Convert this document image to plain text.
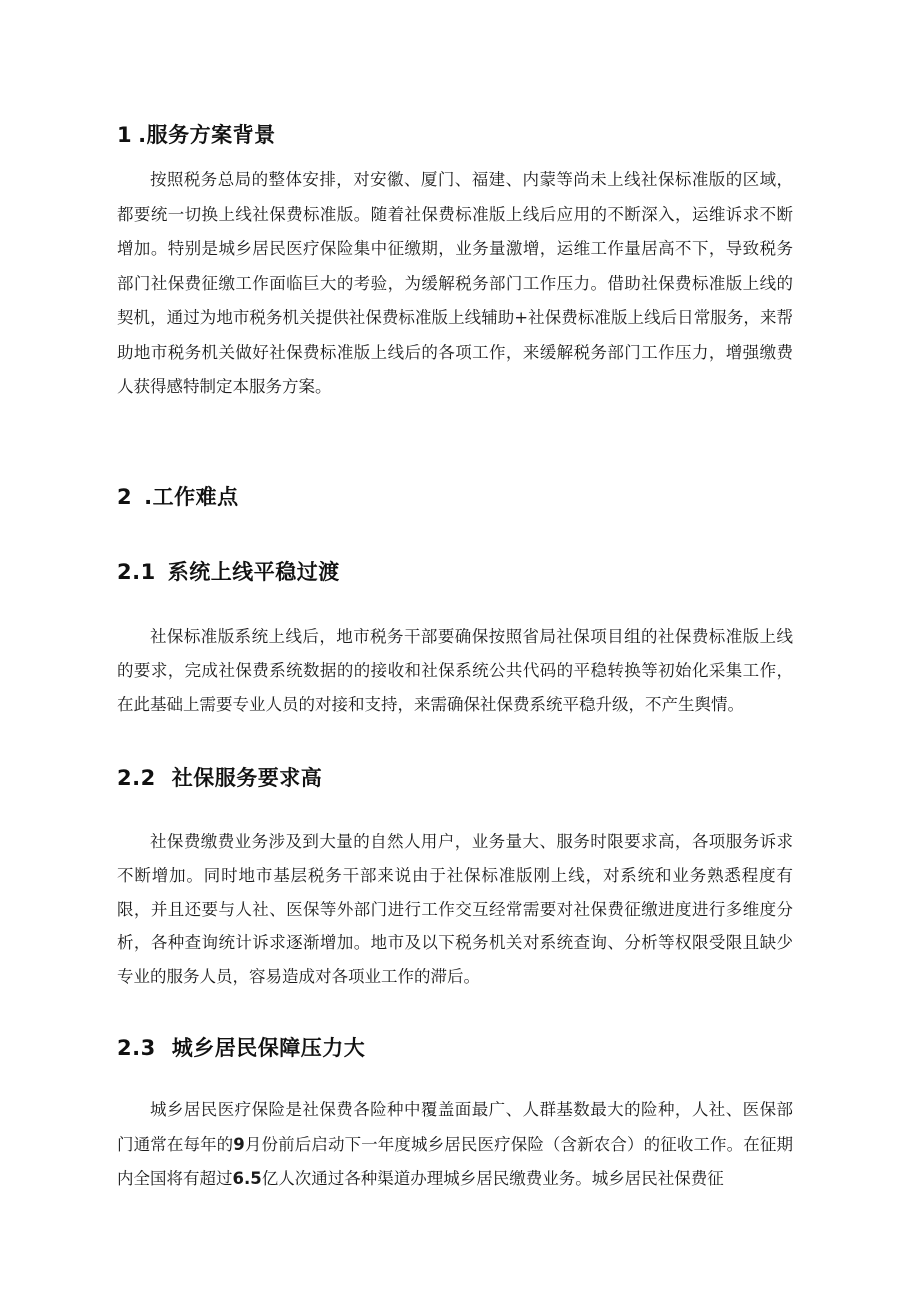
1 .服务方案背景

按照税务总局的整体安排，对安徽、厦门、福建、内蒙等尚未上线社保标准版的区域，都要统一切换上线社保费标准版。随着社保费标准版上线后应用的不断深入，运维诉求不断增加。特别是城乡居民医疗保险集中征缴期，业务量激增，运维工作量居高不下，导致税务部门社保费征缴工作面临巨大的考验，为缓解税务部门工作压力。借助社保费标准版上线的契机，通过为地市税务机关提供社保费标准版上线辅助+社保费标准版上线后日常服务，来帮助地市税务机关做好社保费标准版上线后的各项工作，来缓解税务部门工作压力，增强缴费人获得感特制定本服务方案。

2 .工作难点
2.1 系统上线平稳过渡

社保标准版系统上线后，地市税务干部要确保按照省局社保项目组的社保费标准版上线的要求，完成社保费系统数据的的接收和社保系统公共代码的平稳转换等初始化采集工作，在此基础上需要专业人员的对接和支持，来需确保社保费系统平稳升级，不产生舆情。

2.2 社保服务要求高

社保费缴费业务涉及到大量的自然人用户，业务量大、服务时限要求高，各项服务诉求不断增加。同时地市基层税务干部来说由于社保标准版刚上线，对系统和业务熟悉程度有限，并且还要与人社、医保等外部门进行工作交互经常需要对社保费征缴进度进行多维度分析，各种查询统计诉求逐渐增加。地市及以下税务机关对系统查询、分析等权限受限且缺少专业的服务人员，容易造成对各项业工作的滞后。

2.3 城乡居民保障压力大

城乡居民医疗保险是社保费各险种中覆盖面最广、人群基数最大的险种，人社、医保部门通常在每年的9月份前后启动下一年度城乡居民医疗保险（含新农合）的征收工作。在征期内全国将有超过6.5亿人次通过各种渠道办理城乡居民缴费业务。城乡居民社保费征
